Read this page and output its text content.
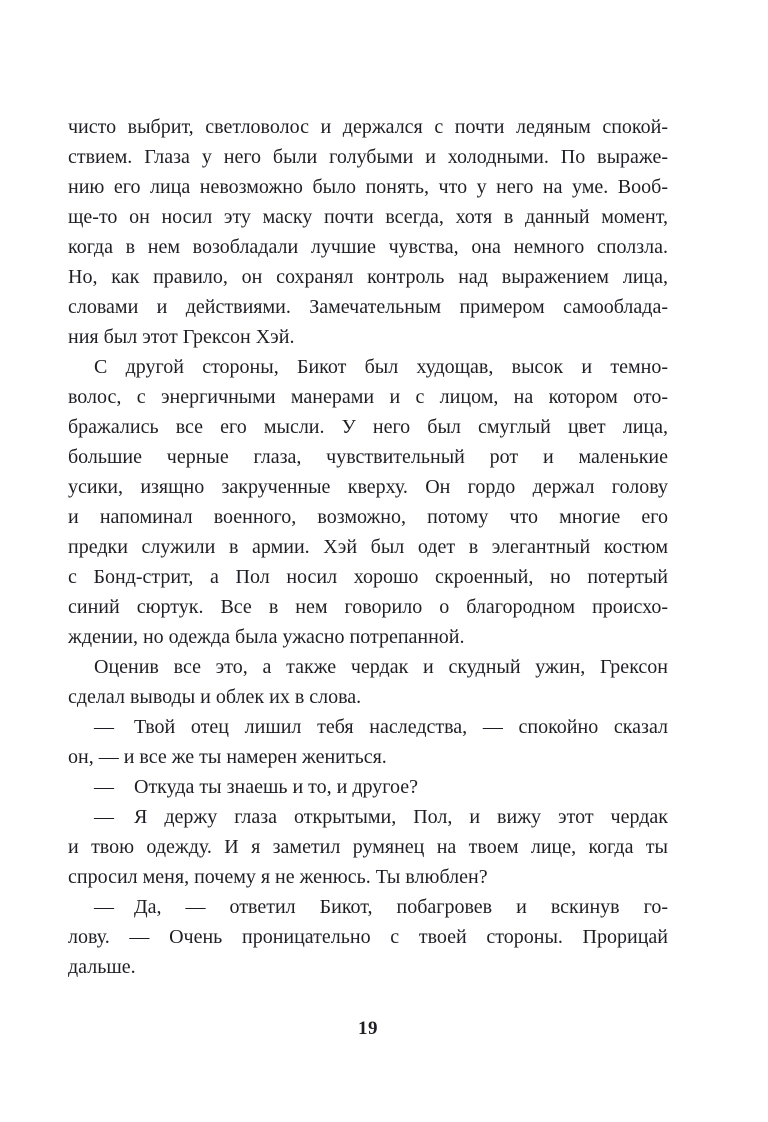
чисто выбрит, светловолос и держался с почти ледяным спокой-
ствием. Глаза у него были голубыми и холодными. По выраже-
нию его лица невозможно было понять, что у него на уме. Вооб-
ще-то он носил эту маску почти всегда, хотя в данный момент,
когда в нем возобладали лучшие чувства, она немного сползла.
Но, как правило, он сохранял контроль над выражением лица,
словами и действиями. Замечательным примером самооблада-
ния был этот Грексон Хэй.
С другой стороны, Бикот был худощав, высок и темно-
волос, с энергичными манерами и с лицом, на котором ото-
бражались все его мысли. У него был смуглый цвет лица,
большие черные глаза, чувствительный рот и маленькие
усики, изящно закрученные кверху. Он гордо держал голову
и напоминал военного, возможно, потому что многие его
предки служили в армии. Хэй был одет в элегантный костюм
с Бонд-стрит, а Пол носил хорошо скроенный, но потертый
синий сюртук. Все в нем говорило о благородном происхо-
ждении, но одежда была ужасно потрепанной.
Оценив все это, а также чердак и скудный ужин, Грексон
сделал выводы и облек их в слова.
— Твой отец лишил тебя наследства, — спокойно сказал
он, — и все же ты намерен жениться.
— Откуда ты знаешь и то, и другое?
— Я держу глаза открытыми, Пол, и вижу этот чердак
и твою одежду. И я заметил румянец на твоем лице, когда ты
спросил меня, почему я не женюсь. Ты влюблен?
— Да, — ответил Бикот, побагровев и вскинув го-
лову. — Очень проницательно с твоей стороны. Прорицай
дальше.
19
